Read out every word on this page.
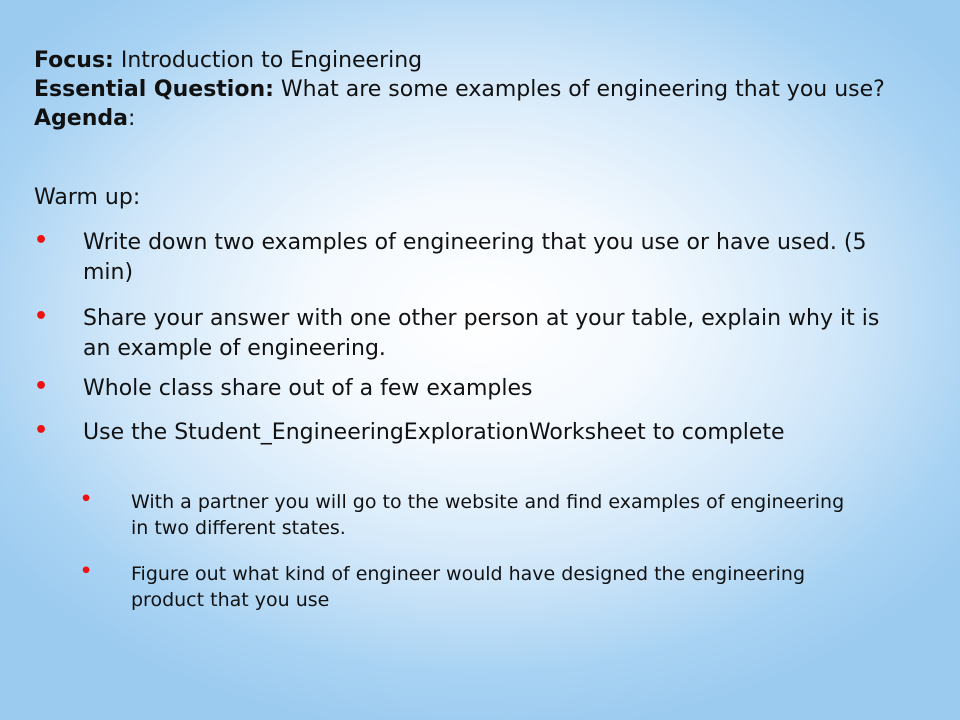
Focus: Introduction to Engineering
Essential Question: What are some examples of engineering that you use?
Agenda:
Warm up:
• Write down two examples of engineering that you use or have used. (5 min)
• Share your answer with one other person at your table, explain why it is an example of engineering.
• Whole class share out of a few examples
• Use the Student_EngineeringExplorationWorksheet to complete
• With a partner you will go to the website and find examples of engineering in two different states.
• Figure out what kind of engineer would have designed the engineering product that you use
